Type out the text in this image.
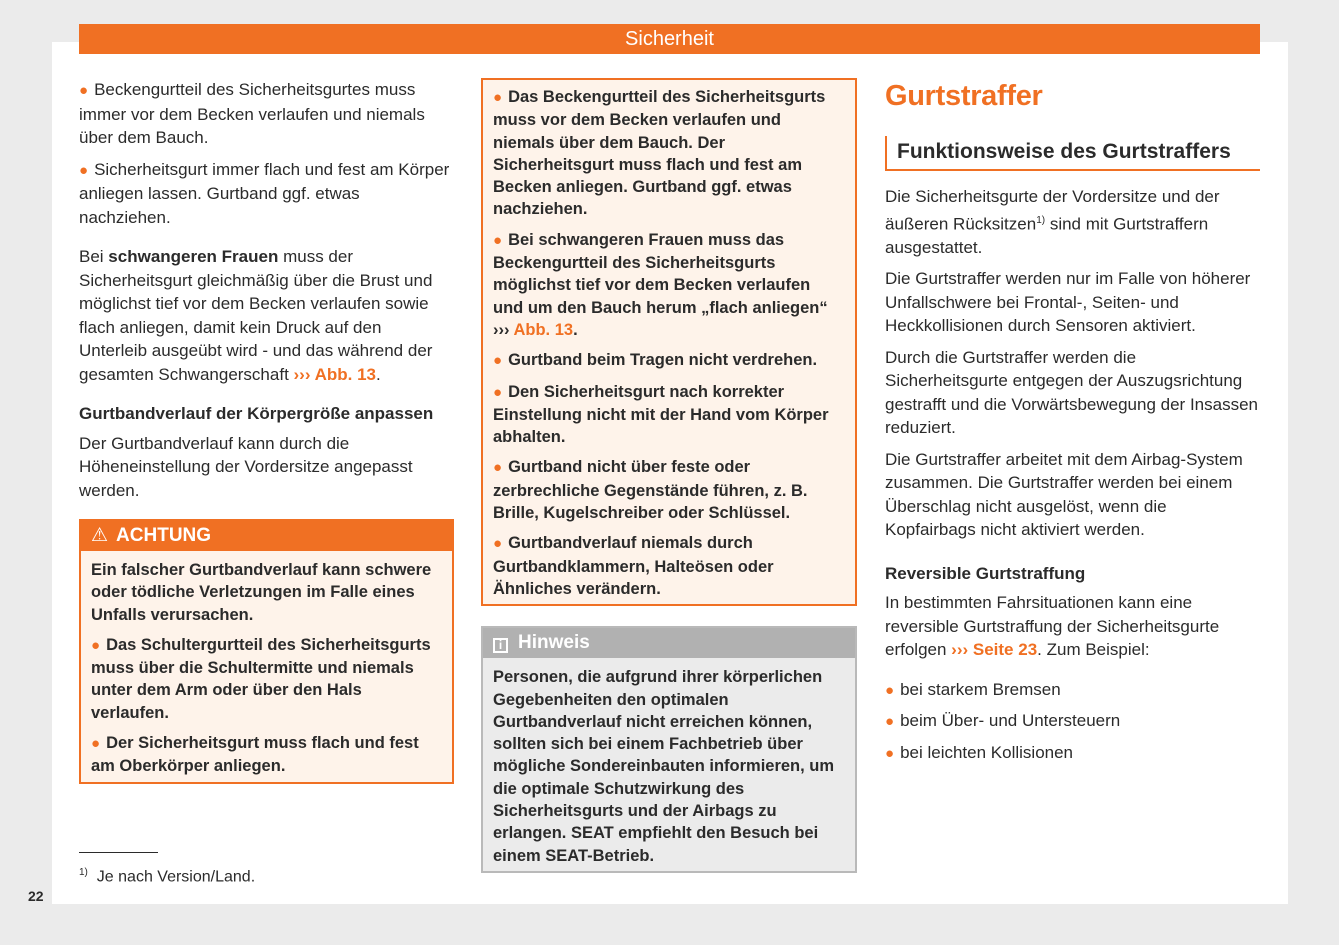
Sicherheit

● Beckengurtteil des Sicherheitsgurtes muss immer vor dem Becken verlaufen und niemals über dem Bauch.

● Sicherheitsgurt immer flach und fest am Körper anliegen lassen. Gurtband ggf. etwas nachziehen.

Bei schwangeren Frauen muss der Sicherheitsgurt gleichmäßig über die Brust und möglichst tief vor dem Becken verlaufen sowie flach anliegen, damit kein Druck auf den Unterleib ausgeübt wird - und das während der gesamten Schwangerschaft ››› Abb. 13.

Gurtbandverlauf der Körpergröße anpassen

Der Gurtbandverlauf kann durch die Höheneinstellung der Vordersitze angepasst werden.

⚠ ACHTUNG

Ein falscher Gurtbandverlauf kann schwere oder tödliche Verletzungen im Falle eines Unfalls verursachen.

● Das Schultergurtteil des Sicherheitsgurts muss über die Schultermitte und niemals unter dem Arm oder über den Hals verlaufen.

● Der Sicherheitsgurt muss flach und fest am Oberkörper anliegen.

● Das Beckengurtteil des Sicherheitsgurts muss vor dem Becken verlaufen und niemals über dem Bauch. Der Sicherheitsgurt muss flach und fest am Becken anliegen. Gurtband ggf. etwas nachziehen.

● Bei schwangeren Frauen muss das Beckengurtteil des Sicherheitsgurts möglichst tief vor dem Becken verlaufen und um den Bauch herum „flach anliegen“
››› Abb. 13.

● Gurtband beim Tragen nicht verdrehen.

● Den Sicherheitsgurt nach korrekter Einstellung nicht mit der Hand vom Körper abhalten.

● Gurtband nicht über feste oder zerbrechliche Gegenstände führen, z. B. Brille, Kugelschreiber oder Schlüssel.

● Gurtbandverlauf niemals durch Gurtbandklammern, Halteösen oder Ähnliches verändern.

i Hinweis

Personen, die aufgrund ihrer körperlichen Gegebenheiten den optimalen Gurtbandverlauf nicht erreichen können, sollten sich bei einem Fachbetrieb über mögliche Sondereinbauten informieren, um die optimale Schutzwirkung des Sicherheitsgurts und der Airbags zu erlangen. SEAT empfiehlt den Besuch bei einem SEAT-Betrieb.

Gurtstraffer
Funktionsweise des Gurtstraffers

Die Sicherheitsgurte der Vordersitze und der äußeren Rücksitzen$^{1)}$ sind mit Gurtstraffern ausgestattet.

Die Gurtstraffer werden nur im Falle von höherer Unfallschwere bei Frontal-, Seiten- und Heckkollisionen durch Sensoren aktiviert.

Durch die Gurtstraffer werden die Sicherheitsgurte entgegen der Auszugsrichtung gestrafft und die Vorwärtsbewegung der Insassen reduziert.

Die Gurtstraffer arbeitet mit dem Airbag-System zusammen. Die Gurtstraffer werden bei einem Überschlag nicht ausgelöst, wenn die Kopfairbags nicht aktiviert werden.

Reversible Gurtstraffung

In bestimmten Fahrsituationen kann eine reversible Gurtstraffung der Sicherheitsgurte erfolgen ››› Seite 23. Zum Beispiel:

● bei starkem Bremsen

● beim Über- und Untersteuern

● bei leichten Kollisionen

$^{1)}$ Je nach Version/Land.
22
